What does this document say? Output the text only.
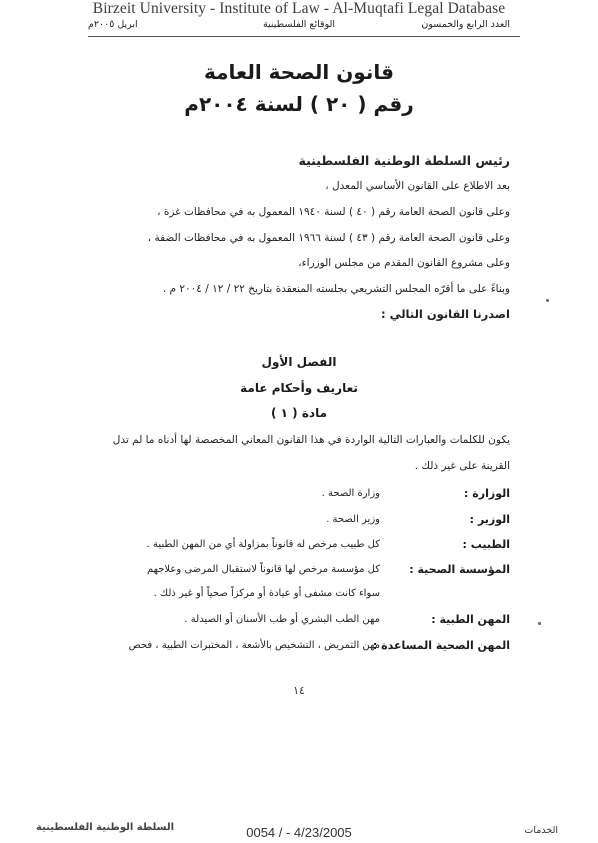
Birzeit University - Institute of Law - Al-Muqtafi Legal Database
العدد الرابع والخمسون
الوقائع الفلسطينية
ابريل ٢٠٠٥م
قانون الصحة العامة
رقم ( ٢٠ ) لسنة ٢٠٠٤م
رئيس السلطة الوطنية الفلسطينية
بعد الاطلاع على القانون الأساسي المعدل ،
وعلى قانون الصحة العامة رقم ( ٤٠ ) لسنة ١٩٤٠ المعمول به في محافظات غزة ،
وعلى قانون الصحة العامة رقم ( ٤٣ ) لسنة ١٩٦٦ المعمول به في محافظات الضفة ،
وعلى مشروع القانون المقدم من مجلس الوزراء،
وبناءً على ما أقرّه المجلس التشريعي بجلسته المنعقدة بتاريخ ٢٢ / ١٢ / ٢٠٠٤ م .
اصدرنا القانون التالي :
الفصل الأول
تعاريف وأحكام عامة
مادة ( ١ )
يكون للكلمات والعبارات التالية الواردة في هذا القانون المعاني المخصصة لها أدناه ما لم تدل
القرينة على غير ذلك .
الوزارة :
وزارة الصحة .
الوزير :
وزير الصحة .
الطبيب :
كل طبيب مرخص له قانوناً بمزاولة أي من المهن الطبية .
المؤسسة الصحية :
كل مؤسسة مرخص لها قانوناً لاستقبال المرضى وعلاجهم
سواء كانت مشفى أو عيادة أو مركزاً صحياً أو غير ذلك .
المهن الطبية :
مهن الطب البشري أو طب الأسنان أو الصيدلة .
المهن الصحية المساعدة :
مهن التمريض ، التشخيص بالأشعة ، المختبرات الطبية ، فحص
١٤
السلطة الوطنية الفلسطينية	0054 / - 4/23/2005	الخدمات
